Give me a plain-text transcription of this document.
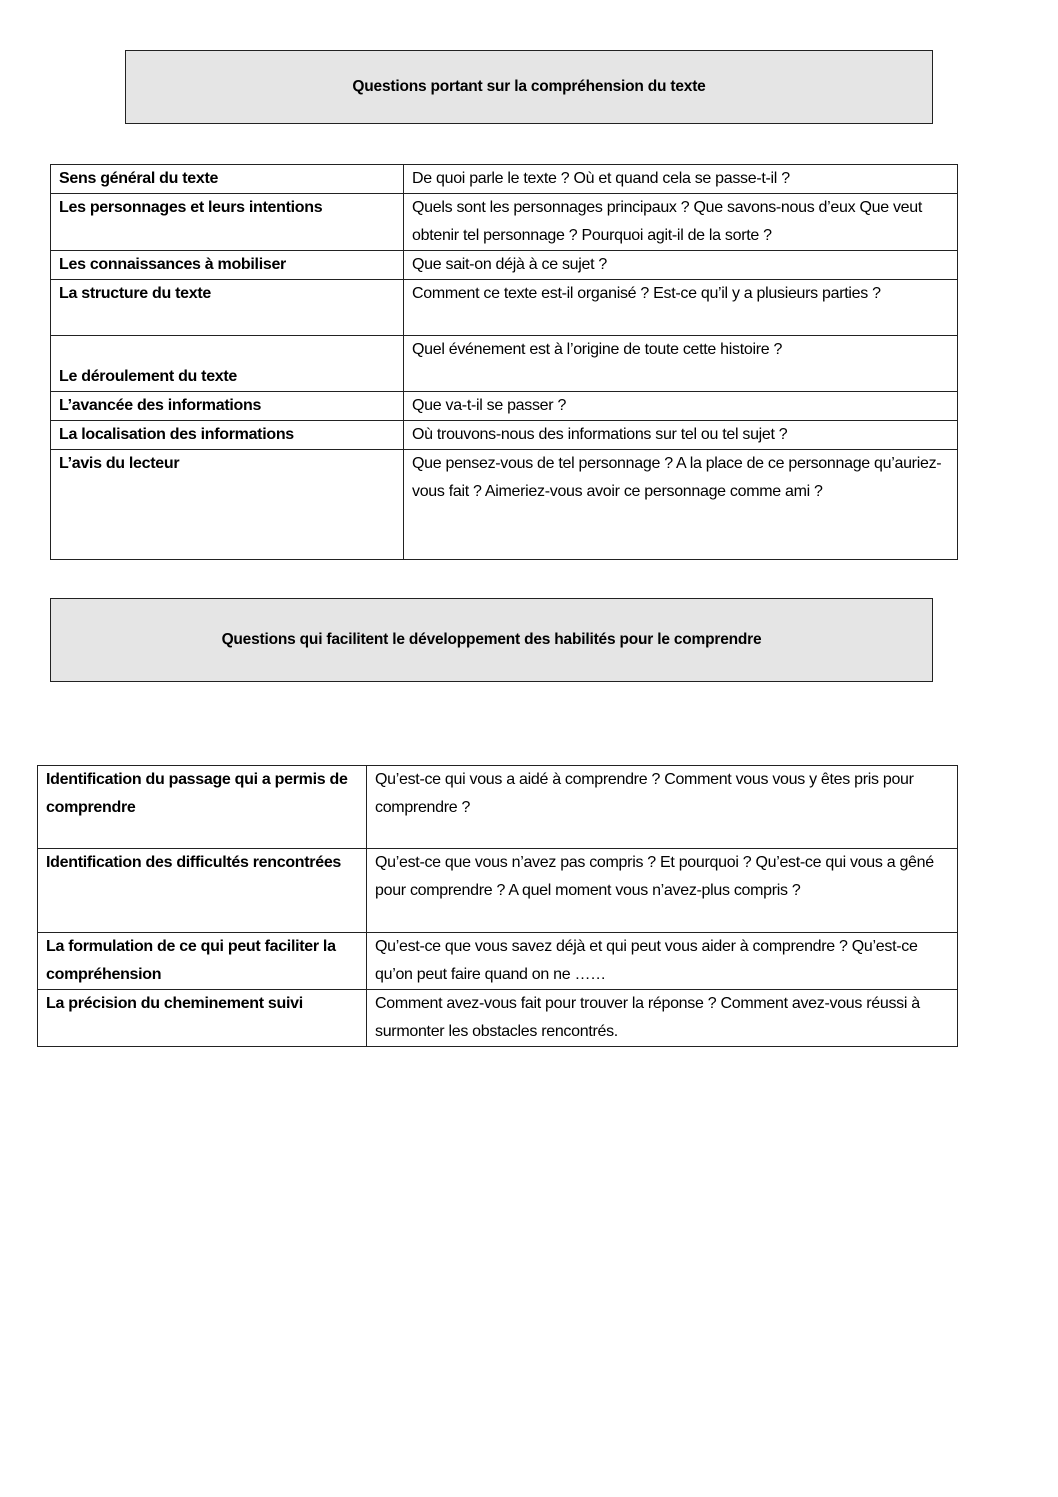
Questions portant sur la compréhension du texte
Sens général du texte	De quoi parle le texte ? Où et quand cela se passe-t-il ?
Les personnages et leurs intentions	Quels sont les personnages principaux ? Que savons-nous d’eux Que veut obtenir tel personnage ? Pourquoi agit-il de la sorte ?
Les connaissances à mobiliser	Que sait-on déjà à ce sujet ?
La structure du texte	Comment ce texte est-il organisé ? Est-ce qu’il y a plusieurs parties ?
Le déroulement du texte	Quel événement est à l’origine de toute cette histoire ?
L’avancée des informations	Que va-t-il se passer ?
La localisation des informations	Où trouvons-nous des informations sur tel ou tel sujet ?
L’avis du lecteur	Que pensez-vous de tel personnage ? A la place de ce personnage qu’auriez-vous fait ? Aimeriez-vous avoir ce personnage comme ami ?
Questions qui facilitent le développement des habilités pour le comprendre
Identification du passage qui a permis de comprendre	Qu’est-ce qui vous a aidé à comprendre ? Comment vous vous y êtes pris pour comprendre ?
Identification des difficultés rencontrées	Qu’est-ce que vous n’avez pas compris ? Et pourquoi ? Qu’est-ce qui vous a gêné pour comprendre ? A quel moment vous n’avez-plus compris ?
La formulation de ce qui peut faciliter la compréhension	Qu’est-ce que vous savez déjà et qui peut vous aider à comprendre ? Qu’est-ce qu’on peut faire quand on ne ……
La précision du cheminement suivi	Comment avez-vous fait pour trouver la réponse ? Comment avez-vous réussi à surmonter les obstacles rencontrés.
